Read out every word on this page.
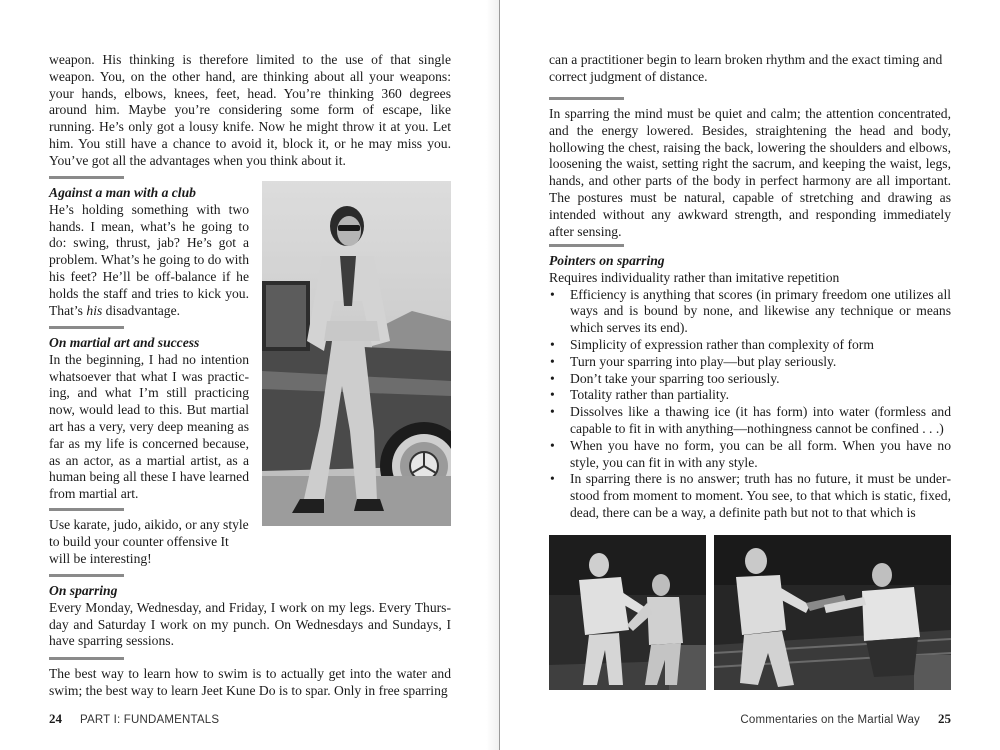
weapon. His thinking is therefore limited to the use of that single weapon. You, on the other hand, are thinking about all your weapons: your hands, elbows, knees, feet, head. You’re thinking 360 degrees around him. Maybe you’re considering some form of escape, like running. He’s only got a lousy knife. Now he might throw it at you. Let him. You still have a chance to avoid it, block it, or he may miss you. You’ve got all the advantages when you think about it.

Against a man with a club

He’s holding something with two hands. I mean, what’s he going to do: swing, thrust, jab? He’s got a problem. What’s he going to do with his feet? He’ll be off-balance if he holds the staff and tries to kick you. That’s his disadvantage.

On martial art and success

In the beginning, I had no intention whatsoever that what I was practicing, and what I’m still practicing now, would lead to this. But martial art has a very, very deep meaning as far as my life is concerned because, as an actor, as a martial artist, as a human being all these I have learned from martial art.

Use karate, judo, aikido, or any style to build your counter offensive It will be interesting!

On sparring

Every Monday, Wednesday, and Friday, I work on my legs. Every Thursday and Saturday I work on my punch. On Wednesdays and Sundays, I have sparring sessions.

The best way to learn how to swim is to actually get into the water and swim; the best way to learn Jeet Kune Do is to spar. Only in free sparring

24 PART I: FUNDAMENTALS

can a practitioner begin to learn broken rhythm and the exact timing and correct judgment of distance.

In sparring the mind must be quiet and calm; the attention concentrated, and the energy lowered. Besides, straightening the head and body, hollowing the chest, raising the back, lowering the shoulders and elbows, loosening the waist, setting right the sacrum, and keeping the waist, legs, hands, and other parts of the body in perfect harmony are all important. The postures must be natural, capable of stretching and drawing as intended without any awkward strength, and responding immediately after sensing.

Pointers on sparring

Requires individuality rather than imitative repetition

• Efficiency is anything that scores (in primary freedom one utilizes all ways and is bound by none, and likewise any technique or means which serves its end).
• Simplicity of expression rather than complexity of form
• Turn your sparring into play—but play seriously.
• Don’t take your sparring too seriously.
• Totality rather than partiality.
• Dissolves like a thawing ice (it has form) into water (formless and capable to fit in with anything—nothingness cannot be confined . . .)
• When you have no form, you can be all form. When you have no style, you can fit in with any style.
• In sparring there is no answer; truth has no future, it must be understood from moment to moment. You see, to that which is static, fixed, dead, there can be a way, a definite path but not to that which is
Commentaries on the Martial Way 25
